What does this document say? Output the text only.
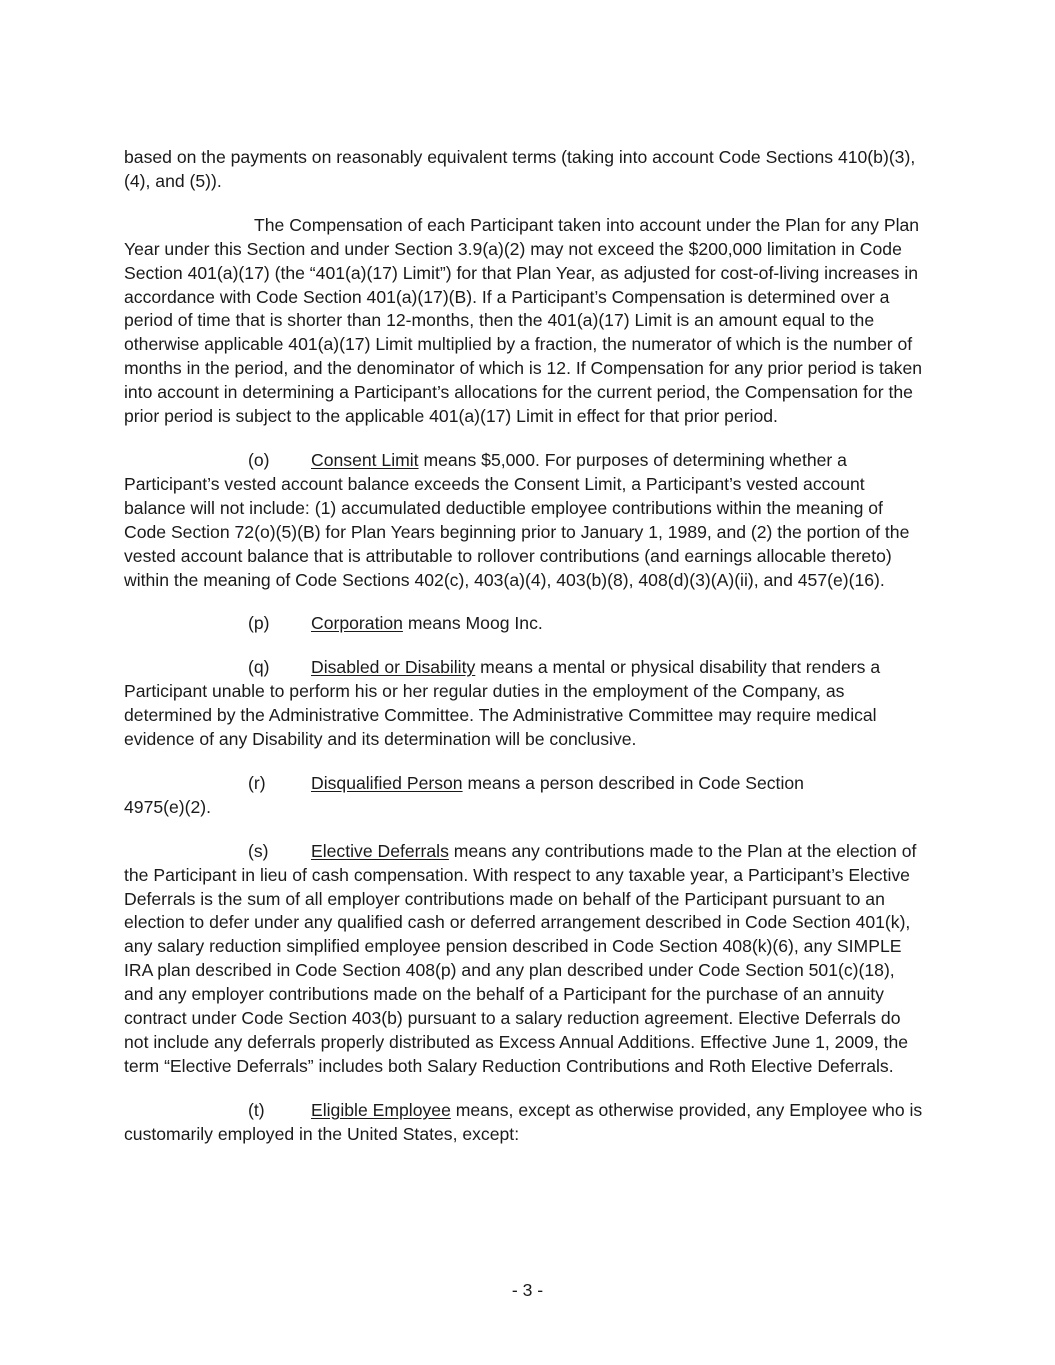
based on the payments on reasonably equivalent terms (taking into account Code Sections 410(b)(3), (4), and (5)).

The Compensation of each Participant taken into account under the Plan for any Plan Year under this Section and under Section 3.9(a)(2) may not exceed the $200,000 limitation in Code Section 401(a)(17) (the “401(a)(17) Limit”) for that Plan Year, as adjusted for cost-of-living increases in accordance with Code Section 401(a)(17)(B). If a Participant’s Compensation is determined over a period of time that is shorter than 12-months, then the 401(a)(17) Limit is an amount equal to the otherwise applicable 401(a)(17) Limit multiplied by a fraction, the numerator of which is the number of months in the period, and the denominator of which is 12. If Compensation for any prior period is taken into account in determining a Participant’s allocations for the current period, the Compensation for the prior period is subject to the applicable 401(a)(17) Limit in effect for that prior period.

(o) Consent Limit means $5,000. For purposes of determining whether a Participant’s vested account balance exceeds the Consent Limit, a Participant’s vested account balance will not include: (1) accumulated deductible employee contributions within the meaning of Code Section 72(o)(5)(B) for Plan Years beginning prior to January 1, 1989, and (2) the portion of the vested account balance that is attributable to rollover contributions (and earnings allocable thereto) within the meaning of Code Sections 402(c), 403(a)(4), 403(b)(8), 408(d)(3)(A)(ii), and 457(e)(16).

(p) Corporation means Moog Inc.

(q) Disabled or Disability means a mental or physical disability that renders a Participant unable to perform his or her regular duties in the employment of the Company, as determined by the Administrative Committee. The Administrative Committee may require medical evidence of any Disability and its determination will be conclusive.

(r)	Disqualified Person means a person described in Code Section
4975(e)(2).

(s) Elective Deferrals means any contributions made to the Plan at the election of the Participant in lieu of cash compensation. With respect to any taxable year, a Participant’s Elective Deferrals is the sum of all employer contributions made on behalf of the Participant pursuant to an election to defer under any qualified cash or deferred arrangement described in Code Section 401(k), any salary reduction simplified employee pension described in Code Section 408(k)(6), any SIMPLE IRA plan described in Code Section 408(p) and any plan described under Code Section 501(c)(18), and any employer contributions made on the behalf of a Participant for the purchase of an annuity contract under Code Section 403(b) pursuant to a salary reduction agreement. Elective Deferrals do not include any deferrals properly distributed as Excess Annual Additions. Effective June 1, 2009, the term “Elective Deferrals” includes both Salary Reduction Contributions and Roth Elective Deferrals.

(t)	Eligible Employee means, except as otherwise provided, any Employee who is customarily employed in the United States, except:

- 3 -
